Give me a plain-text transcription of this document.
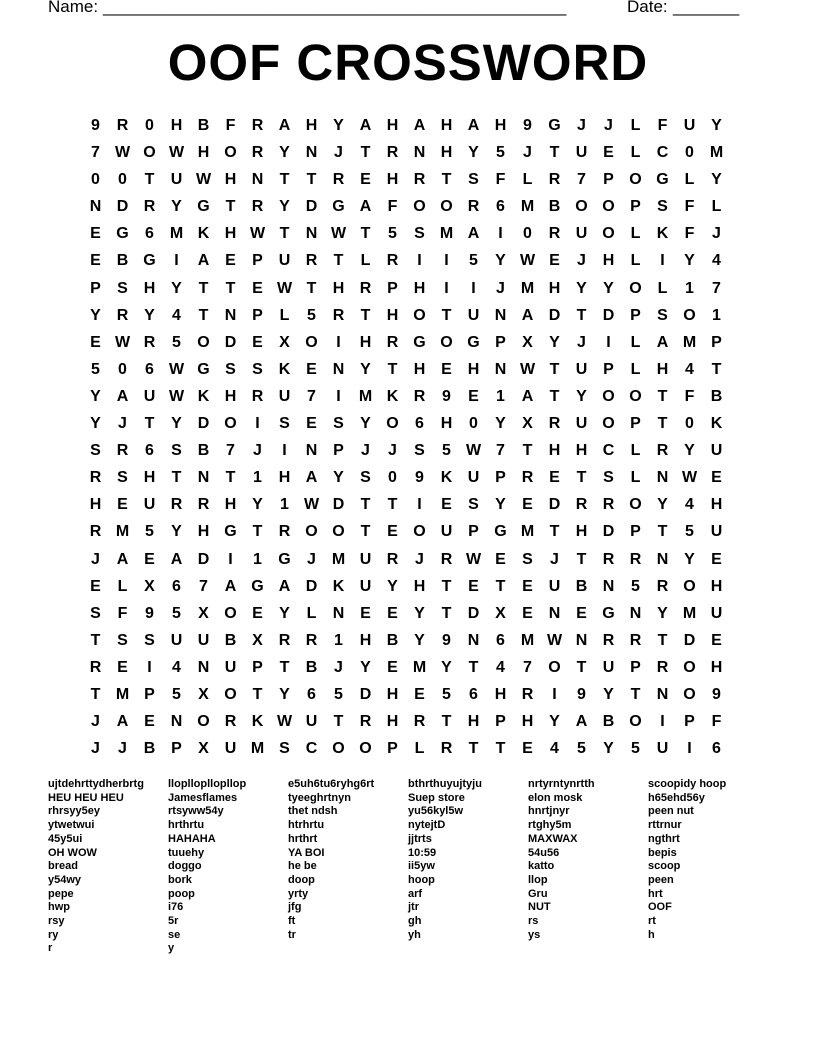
Name: _________________________________________________	Date: _______
OOF CROSSWORD
9	R	0	H B	F	R A H Y A H A H A H	9	G	J	J	L	F	U Y
7 W O W H O R Y N	J	T	R N H Y	5	J	T	U E	L	C	0 M
0	0	T	U W H N	T	T	R E H R	T	S	F	L	R	7	P O G L	Y
N D R Y G T	R Y D G A	F O O R	6 M B O O P	S	F	L
E G	6 M K H W T	N W T	5	S M A	I	0	R U O L	K	F	J
E B G	I	A E	P U R	T	L	R	I	I	5	Y W E	J	H	L	I	Y	4
P	S H Y	T	T	E W T	H R P H	I	I	J M H Y	Y O L	1	7
Y R Y	4	T	N P	L	5	R	T	H O T	U N A D	T	D P	S O	1
E W R	5	O D E	X O	I	H R G O G P	X	Y	J	I	L	A M P
5	0	6 W G S	S K E N Y	T	H E H N W T	U P	L	H	4	T
Y A U W K H R U	7	I	M K R	9	E	1	A	T	Y O O T	F	B
Y	J	T	Y D O	I	S	E	S	Y O	6	H	0	Y	X R U O P	T	0	K
S R	6	S B	7	J	I	N P	J	J	S	5 W 7	T	H H C	L	R Y U
R S H	T	N	T	1	H A Y	S	0	9	K U P R E	T	S	L	N W E
H E U R R H Y	1 W D	T	T	I	E	S	Y	E D R R O Y	4	H
R M 5	Y H G T	R O O T	E O U P G M T	H D P	T	5	U
J	A E A D	I	1	G	J M U R	J	R W E	S	J	T	R R N Y	E
E	L	X	6	7	A G A D K U Y H	T	E	T	E U B N	5	R O H
S	F	9	5	X O E	Y	L	N E	E	Y	T	D X	E N E G N Y M U
T	S	S U U B X R R	1	H B Y	9	N	6 M W N R R	T	D E
R E	I	4	N U P	T	B	J	Y	E M Y	T	4	7	O T	U P R O H
T M P	5	X O T	Y	6	5	D H E	5	6	H R	I	9	Y	T	N O	9
J	A E N O R K W U	T	R H R	T	H P H Y A B O	I	P	F
J	J	B P	X U M S C O O P	L	R	T	T	E	4	5	Y	5	U	I	6
ujtdehrttydherbrtg
HEU HEU HEU
rhrsyy5ey
ytwetwui
45y5ui
OH WOW
bread
y54wy
pepe
hwp
rsy
ry
r
llopllopllopllop
Jamesflames
rtsyww54y
hrthrtu
HAHAHA
tuuehy
doggo
bork
poop
i76
5r
se
y
e5uh6tu6ryhg6rt
tyeeghrtnyn
thet ndsh
htrhrtu
hrthrt
YA BOI
he be
doop
yrty
jfg
ft
tr
bthrthuyujtyju
Suep store
yu56kyl5w
nytejtD
jjtrts
10:59
ii5yw
hoop
arf
jtr
gh
yh
nrtyrntynrtth
elon mosk
hnrtjnyr
rtghy5m
MAXWAX
54u56
katto
llop
Gru
NUT
rs
ys
scoopidy hoop
h65ehd56y
peen nut
rttrnur
ngthrt
bepis
scoop
peen
hrt
OOF
rt
h
